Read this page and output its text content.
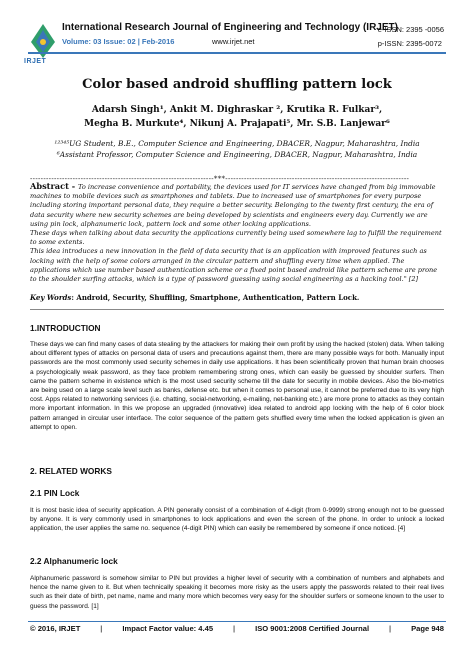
IRJET
International Research Journal of Engineering and Technology (IRJET)
Volume: 03 Issue: 02 | Feb-2016	www.irjet.net
e-ISSN: 2395 -0056
p-ISSN: 2395-0072
Color based android shuffling pattern lock
Adarsh Singh¹, Ankit M. Dighraskar ², Krutika R. Fulkar³,
Megha B. Murkute⁴, Nikunj A. Prajapati⁵, Mr. S.B. Lanjewar⁶
¹²³⁴⁵UG Student, B.E., Computer Science and Engineering, DBACER, Nagpur, Maharashtra, India
⁶Assistant Professor, Computer Science and Engineering, DBACER, Nagpur, Maharashtra, India
---------------------------------------------------------------------***---------------------------------------------------------------------

Abstract - To increase convenience and portability, the devices used for IT services have changed from big immovable machines to mobile devices such as smartphones and tablets. Due to increased use of smartphones for every purpose including storing important personal data, they require a better security. Belonging to the twenty first century, the era of data security where new security schemes are being developed by scientists and engineers every day. Currently we are using pin lock, alphanumeric lock, pattern lock and some other locking applications.

These days when talking about data security the applications currently being used somewhere lag to fulfill the requirement to some extents.

This idea introduces a new innovation in the field of data security that is an application with improved features such as locking with the help of some colors arranged in the circular pattern and shuffling every time when applied. The applications which use number based authentication scheme or a fixed point based android like pattern scheme are prone to the shoulder surfing attacks, which is a type of password guessing using social engineering as a hacking tool." [2]

Key Words: Android, Security, Shuffling, Smartphone, Authentication, Pattern Lock.
1.INTRODUCTION
These days we can find many cases of data stealing by the attackers for making their own profit by using the hacked (stolen) data. When talking about different types of attacks on personal data of users and precautions against them, there are many possible ways for both. Manually input passwords are the most commonly used security schemes in daily use applications. It has been scientifically proven that human brain chooses a psychologically weak password, as they face problem remembering strong ones, which can easily be guessed by shoulder surfers. Then came the pattern scheme in existence which is the most used security scheme till the date for security in mobile devices. Also the bio-metrics are being used on a large scale level such as banks, defense etc. but when it comes to personal use, it cannot be preferred due to its very high cost. Apps related to networking services (i.e. chatting, social-networking, e-mailing, net-banking etc.) are more prone to attacks as they contain more important information. In this we propose an upgraded (innovative) idea related to android app locking with the help of 6 color block pattern arranged in circular user interface. The color sequence of the pattern gets shuffled every time when the locked application is given an attempt to open.
2. RELATED WORKS
2.1 PIN Lock
It is most basic idea of security application. A PIN generally consist of a combination of 4-digit (from 0-9999) strong enough not to be guessed by anyone. It is very commonly used in smartphones to lock applications and even the screen of the phone. In order to unlock a locked application, the user applies the same no. sequence (4-digit PIN) which can easily be remembered by someone if once noticed. [4]
2.2 Alphanumeric lock
Alphanumeric password is somehow similar to PIN but provides a higher level of security with a combination of numbers and alphabets and hence the name given to it. But when technically speaking it becomes more risky as the users apply the passwords related to their real lives such as their date of birth, pet name, name and many more which becomes very easy for the shoulder surfers or someone known to the user to guess the password. [1]
© 2016, IRJET	|	Impact Factor value: 4.45	|	ISO 9001:2008 Certified Journal	|	Page 948
